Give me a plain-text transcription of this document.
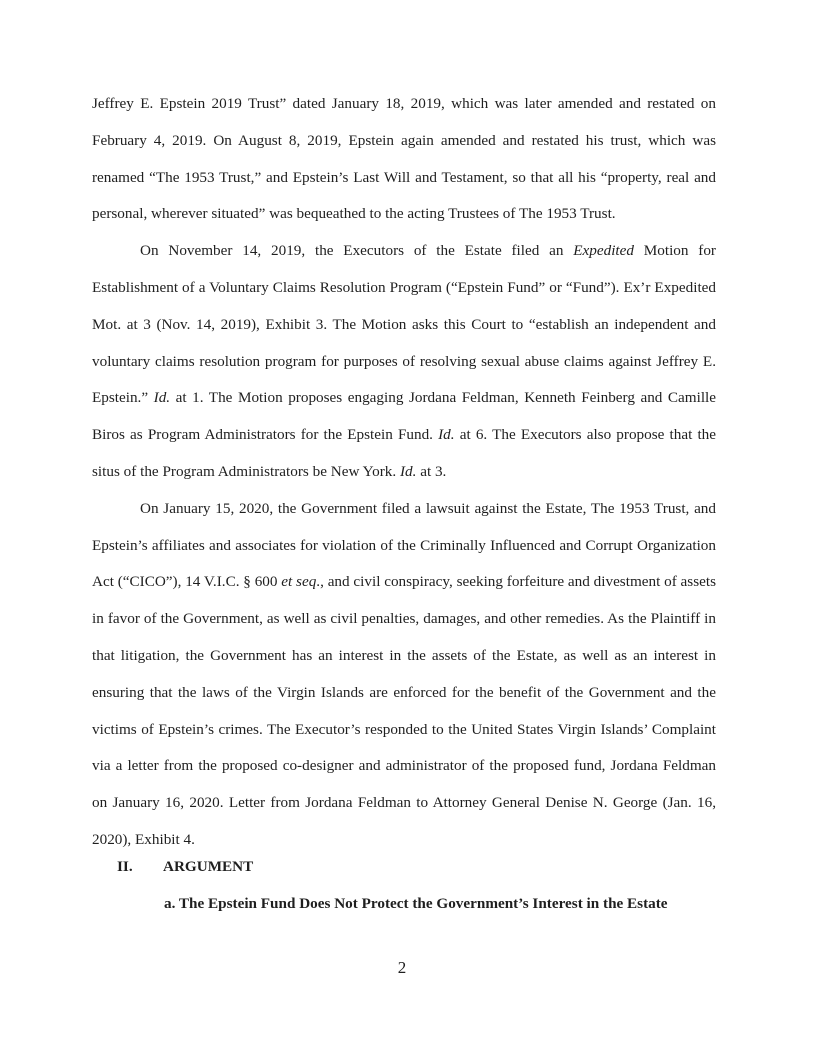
Jeffrey E. Epstein 2019 Trust” dated January 18, 2019, which was later amended and restated on February 4, 2019. On August 8, 2019, Epstein again amended and restated his trust, which was renamed “The 1953 Trust,” and Epstein’s Last Will and Testament, so that all his “property, real and personal, wherever situated” was bequeathed to the acting Trustees of The 1953 Trust.

On November 14, 2019, the Executors of the Estate filed an Expedited Motion for Establishment of a Voluntary Claims Resolution Program (“Epstein Fund” or “Fund”). Ex’r Expedited Mot. at 3 (Nov. 14, 2019), Exhibit 3. The Motion asks this Court to “establish an independent and voluntary claims resolution program for purposes of resolving sexual abuse claims against Jeffrey E. Epstein.” Id. at 1. The Motion proposes engaging Jordana Feldman, Kenneth Feinberg and Camille Biros as Program Administrators for the Epstein Fund. Id. at 6. The Executors also propose that the situs of the Program Administrators be New York. Id. at 3.

On January 15, 2020, the Government filed a lawsuit against the Estate, The 1953 Trust, and Epstein’s affiliates and associates for violation of the Criminally Influenced and Corrupt Organization Act (“CICO”), 14 V.I.C. § 600 et seq., and civil conspiracy, seeking forfeiture and divestment of assets in favor of the Government, as well as civil penalties, damages, and other remedies. As the Plaintiff in that litigation, the Government has an interest in the assets of the Estate, as well as an interest in ensuring that the laws of the Virgin Islands are enforced for the benefit of the Government and the victims of Epstein’s crimes. The Executor’s responded to the United States Virgin Islands’ Complaint via a letter from the proposed co-designer and administrator of the proposed fund, Jordana Feldman on January 16, 2020. Letter from Jordana Feldman to Attorney General Denise N. George (Jan. 16, 2020), Exhibit 4.

II. ARGUMENT
a. The Epstein Fund Does Not Protect the Government’s Interest in the Estate
2
